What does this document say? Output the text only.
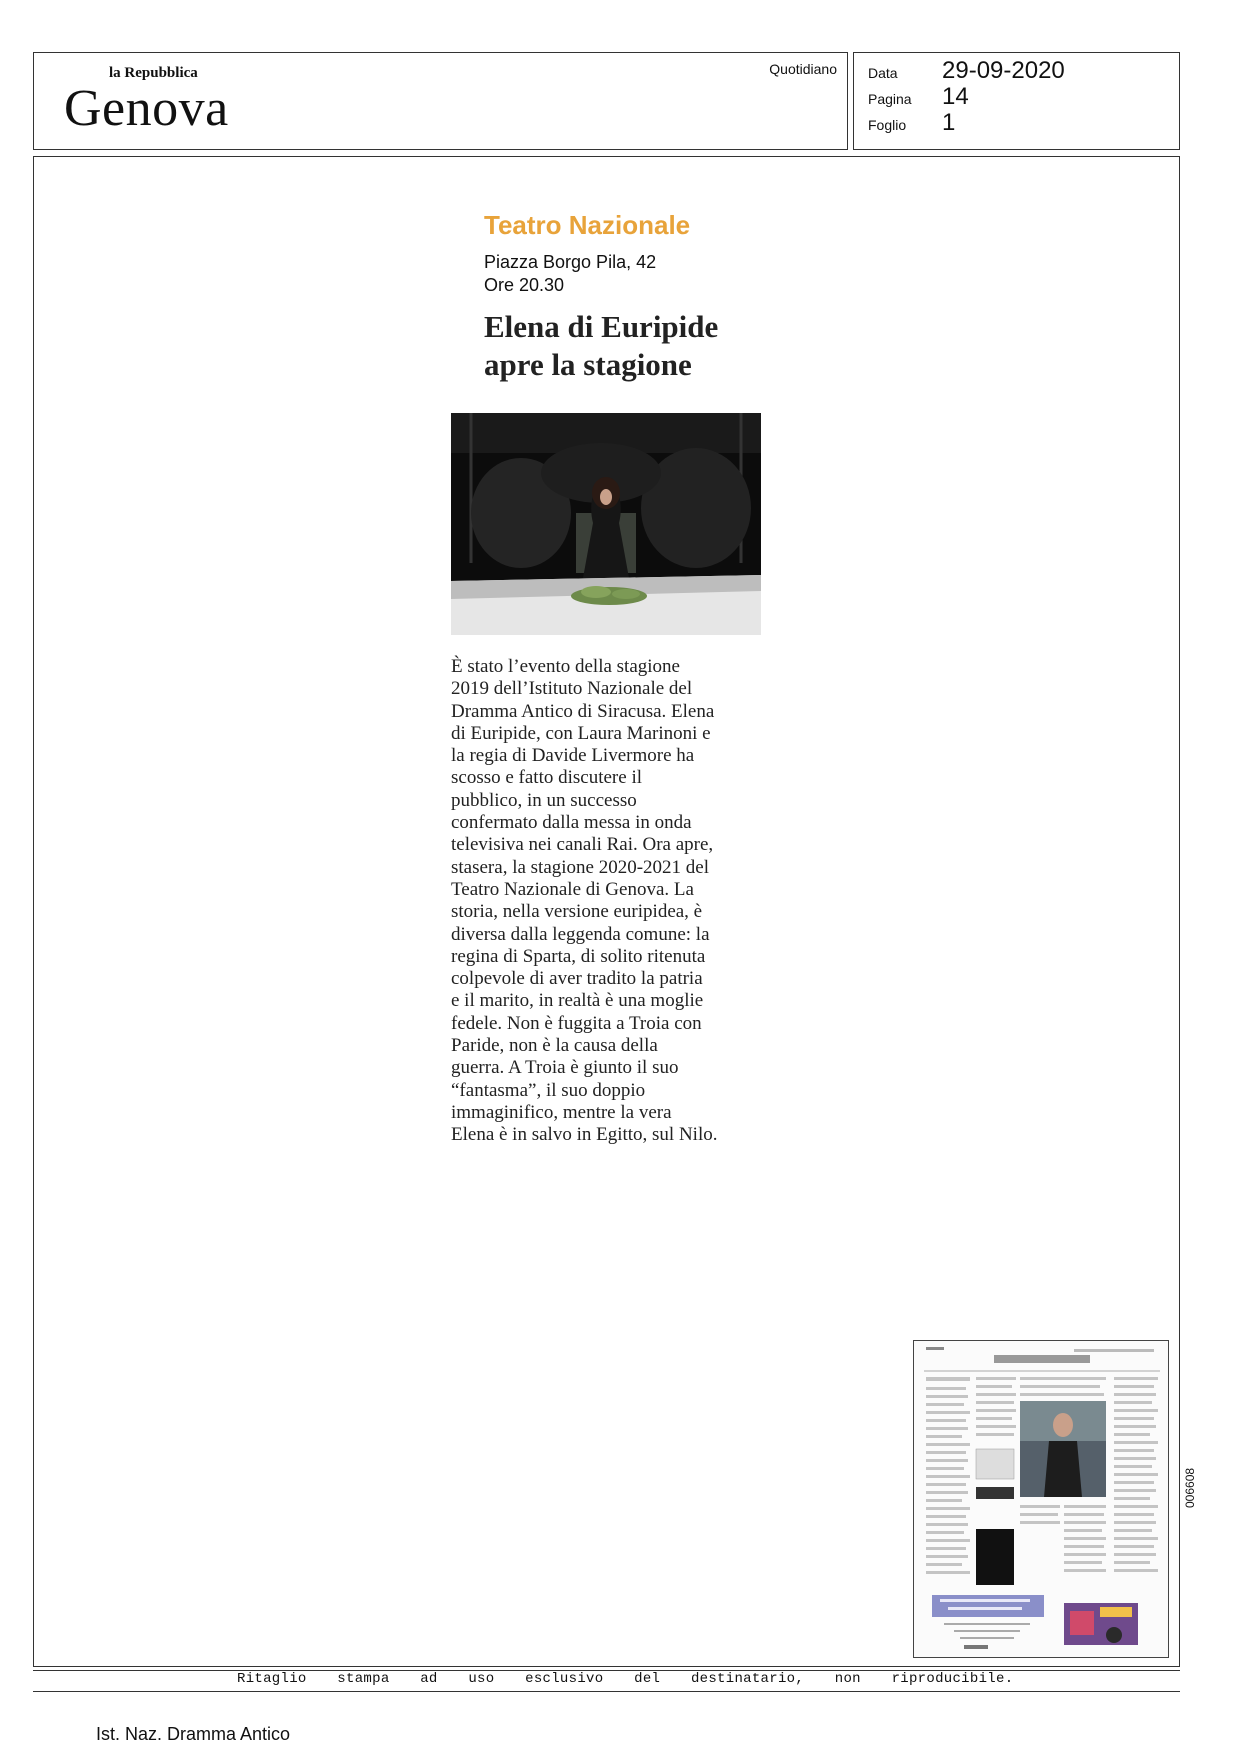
la Repubblica
Genova
Quotidiano Data 29-09-2020
Pagina 14
Foglio 1
Teatro Nazionale
Piazza Borgo Pila, 42
Ore 20.30
Elena di Euripide
apre la stagione

È stato l’evento della stagione

2019 dell’Istituto Nazionale del

Dramma Antico di Siracusa. Elena

di Euripide, con Laura Marinoni e

la regia di Davide Livermore ha

scosso e fatto discutere il

pubblico, in un successo

confermato dalla messa in onda

televisiva nei canali Rai. Ora apre,

stasera, la stagione 2020-2021 del

Teatro Nazionale di Genova. La

storia, nella versione euripidea, è

diversa dalla leggenda comune: la

regina di Sparta, di solito ritenuta

colpevole di aver tradito la patria

e il marito, in realtà è una moglie

fedele. Non è fuggita a Troia con

Paride, non è la causa della

guerra. A Troia è giunto il suo

“fantasma”, il suo doppio

immaginifico, mentre la vera

Elena è in salvo in Egitto, sul Nilo.

006608
Ritaglio stampa ad uso esclusivo del destinatario, non riproducibile.
Ist. Naz. Dramma Antico
